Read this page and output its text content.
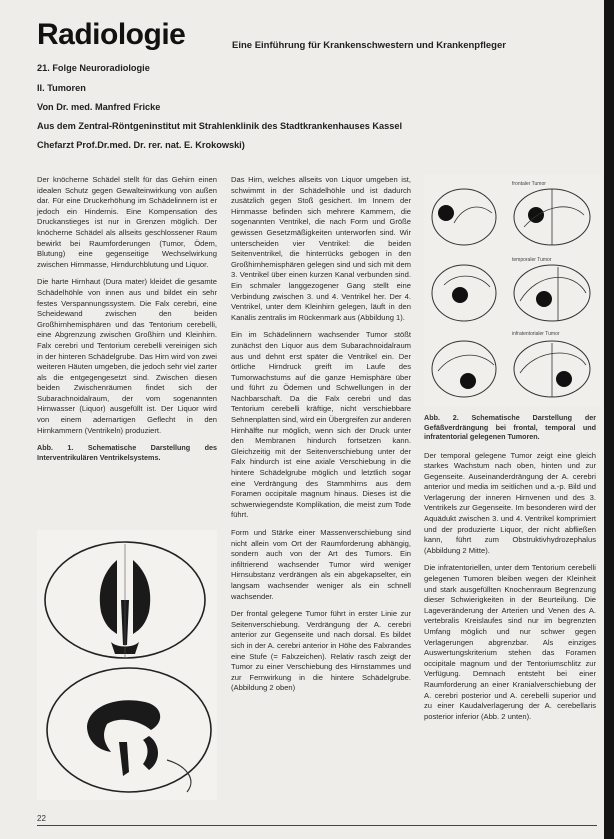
Radiologie	Eine Einführung für Krankenschwestern und Krankenpfleger
21. Folge Neuroradiologie
II. Tumoren
Von Dr. med. Manfred Fricke
Aus dem Zentral-Röntgeninstitut mit Strahlenklinik des Stadtkrankenhauses Kassel
Chefarzt Prof.Dr.med. Dr. rer. nat. E. Krokowski)

Der knöcherne Schädel stellt für das Gehirn einen idealen Schutz gegen Gewalteinwirkung von außen dar. Für eine Druckerhöhung im Schädelinnern ist er jedoch ein Hindernis. Eine Kompensation des Druckanstieges ist nur in Grenzen möglich. Der knöcherne Schädel als allseits geschlossener Raum bewirkt bei Raumforderungen (Tumor, Ödem, Blutung) eine gegenseitige Wechselwirkung zwischen Hirnmasse, Hirndurchblutung und Liquor.

Die harte Hirnhaut (Dura mater) kleidet die gesamte Schädelhöhle von innen aus und bildet ein sehr festes Verspannungssystem. Die Falx cerebri, eine Scheidewand zwischen den beiden Großhirnhemisphären und das Tentorium cerebelli, eine Abgrenzung zwischen Großhirn und Kleinhirn. Falx cerebri und Tentorium cerebelli vereinigen sich in der hinteren Schädelgrube. Das Hirn wird von zwei weiteren Häuten umgeben, die jedoch sehr viel zarter als die entgegengesetzt sind. Zwischen diesen beiden Zwischenräumen findet sich der Subarachnoidalraum, der vom sogenannten Hirnwasser (Liquor) ausgefüllt ist. Der Liquor wird von einem adernartigen Geflecht in den Hirnkammern (Ventrikeln) produziert.

Abb. 1. Schematische Darstellung des Interventrikulären Ventrikelsystems.

Das Hirn, welches allseits von Liquor umgeben ist, schwimmt in der Schädelhöhle und ist dadurch zusätzlich gegen Stoß gesichert. Im Innern der Hirnmasse befinden sich mehrere Kammern, die sogenannten Ventrikel, die nach Form und Größe gewissen Gesetzmäßigkeiten unterworfen sind. Wir unterscheiden vier Ventrikel: die beiden Seitenventrikel, die hinterrücks gebogen in den Großhirnhemisphären gelegen sind und sich mit dem 3. Ventrikel über einen kurzen Kanal verbunden sind. Ein schmaler langgezogener Gang stellt eine Verbindung zwischen 3. und 4. Ventrikel her. Der 4. Ventrikel, unter dem Kleinhirn gelegen, läuft in den Kanälis zentralis im Rückenmark aus (Abbildung 1).

Ein im Schädelinnern wachsender Tumor stößt zunächst den Liquor aus dem Subarachnoidalraum aus und dehnt erst später die Ventrikel ein. Der örtliche Hirndruck greift im Laufe des Tumorwachstums auf die ganze Hemisphäre über und führt zu Ödemen und Schwellungen in der Nachbarschaft. Da die Falx cerebri und das Tentorium cerebelli kräftige, nicht verschiebbare Sehnenplatten sind, wird ein Übergreifen zur anderen Hirnhälfte nur möglich, wenn sich der Druck unter den Membranen hindurch fortsetzen kann. Gleichzeitig mit der Seitenverschiebung unter der Falx hindurch ist eine axiale Verschiebung in die hintere Schädelgrube möglich und letztlich sogar eine Verdrängung des Stammhirns aus dem Foramen occipitale magnum hinaus. Dieses ist die schwerwiegendste Komplikation, die meist zum Tode führt.

Form und Stärke einer Massenverschiebung sind nicht allein vom Ort der Raumforderung abhängig, sondern auch von der Art des Tumors. Ein infiltrierend wachsender Tumor wird weniger Hirnsubstanz verdrängen als ein abgekapselter, ein langsam wachsender weniger als ein schnell wachsender.

Der frontal gelegene Tumor führt in erster Linie zur Seitenverschiebung. Verdrängung der A. cerebri anterior zur Gegenseite und nach dorsal. Es bildet sich in der A. cerebri anterior in Höhe des Falxrandes eine Stufe (= Falxzeichen). Relativ rasch zeigt der Tumor zu einer Verschiebung des Hirnstammes und zur Fernwirkung in die hintere Schädelgrube. (Abbildung 2 oben)

frontaler Tumor
temporaler Tumor
infratentorialer Tumor
Abb. 2. Schematische Darstellung der Gefäßverdrängung bei frontal, temporal und infratentorial gelegenen Tumoren.

Der temporal gelegene Tumor zeigt eine gleich starkes Wachstum nach oben, hinten und zur Gegenseite. Auseinanderdrängung der A. cerebri anterior und media im seitlichen und a.-p. Bild und Verlagerung der inneren Hirnvenen und des 3. Ventrikels zur Gegenseite. Im besonderen wird der Aquädukt zwischen 3. und 4. Ventrikel komprimiert und der produzierte Liquor, der nicht abfließen kann, führt zum Obstruktivhydrozephalus (Abbildung 2 Mitte).

Die infratentoriellen, unter dem Tentorium cerebelli gelegenen Tumoren bleiben wegen der Kleinheit und stark ausgefüllten Knochenraum Begrenzung dieser Schwierigkeiten in der Beurteilung. Die Lageveränderung der Arterien und Venen des A. vertebralis Kreislaufes sind nur im begrenzten Umfang möglich und nur schwer gegen Verlagerungen abgrenzbar. Als einziges Auswertungskriterium stehen das Foramen occipitale magnum und der Tentoriumschlitz zur Verfügung. Demnach entsteht bei einer Raumforderung an einer Kranialverschiebung der A. cerebri posterior und A. cerebelli superior und zu einer Kaudalverlagerung der A. cerebellaris posterior inferior (Abb. 2 unten).

22
